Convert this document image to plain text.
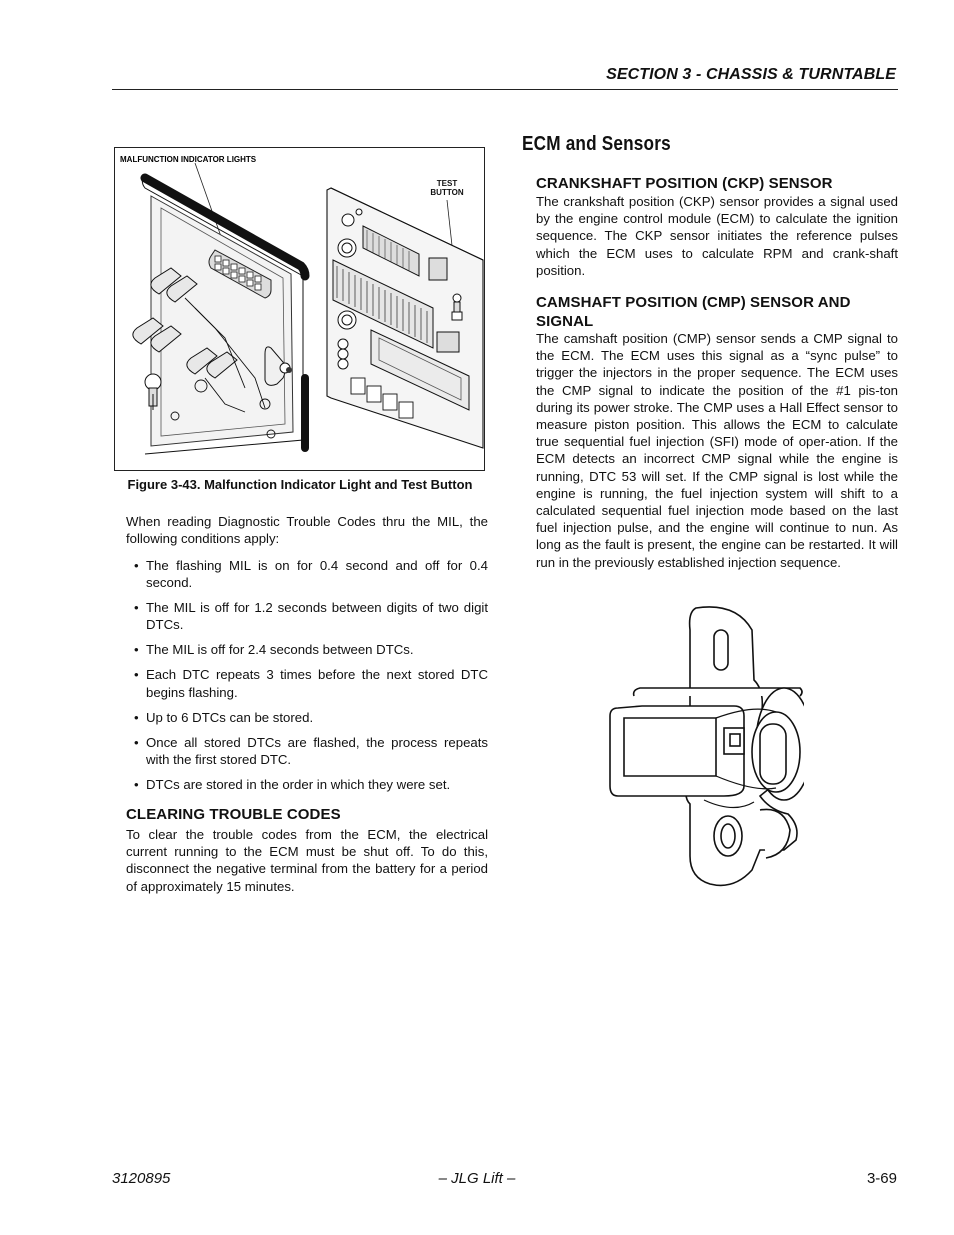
SECTION 3 - CHASSIS & TURNTABLE
MALFUNCTION INDICATOR LIGHTS
TEST
BUTTON
Figure 3-43. Malfunction Indicator Light and Test Button

When reading Diagnostic Trouble Codes thru the MIL, the following conditions apply:

• The flashing MIL is on for 0.4 second and off for 0.4 second.
• The MIL is off for 1.2 seconds between digits of two digit DTCs.
• The MIL is off for 2.4 seconds between DTCs.
• Each DTC repeats 3 times before the next stored DTC begins flashing.
• Up to 6 DTCs can be stored.
• Once all stored DTCs are flashed, the process repeats with the first stored DTC.
• DTCs are stored in the order in which they were set.
CLEARING TROUBLE CODES

To clear the trouble codes from the ECM, the electrical current running to the ECM must be shut off. To do this, disconnect the negative terminal from the battery for a period of approximately 15 minutes.

ECM and Sensors
CRANKSHAFT POSITION (CKP) SENSOR

The crankshaft position (CKP) sensor provides a signal used by the engine control module (ECM) to calculate the ignition sequence. The CKP sensor initiates the reference pulses which the ECM uses to calculate RPM and crank-shaft position.

CAMSHAFT POSITION (CMP) SENSOR AND SIGNAL

The camshaft position (CMP) sensor sends a CMP signal to the ECM. The ECM uses this signal as a “sync pulse” to trigger the injectors in the proper sequence. The ECM uses the CMP signal to indicate the position of the #1 pis-ton during its power stroke. The CMP uses a Hall Effect sensor to measure piston position. This allows the ECM to calculate true sequential fuel injection (SFI) mode of oper-ation. If the ECM detects an incorrect CMP signal while the engine is running, DTC 53 will set. If the CMP signal is lost while the engine is running, the fuel injection system will shift to a calculated sequential fuel injection mode based on the last fuel injection pulse, and the engine will continue to nun. As long as the fault is present, the engine can be restarted. It will run in the previously established injection sequence.

3120895	– JLG Lift –	3-69
